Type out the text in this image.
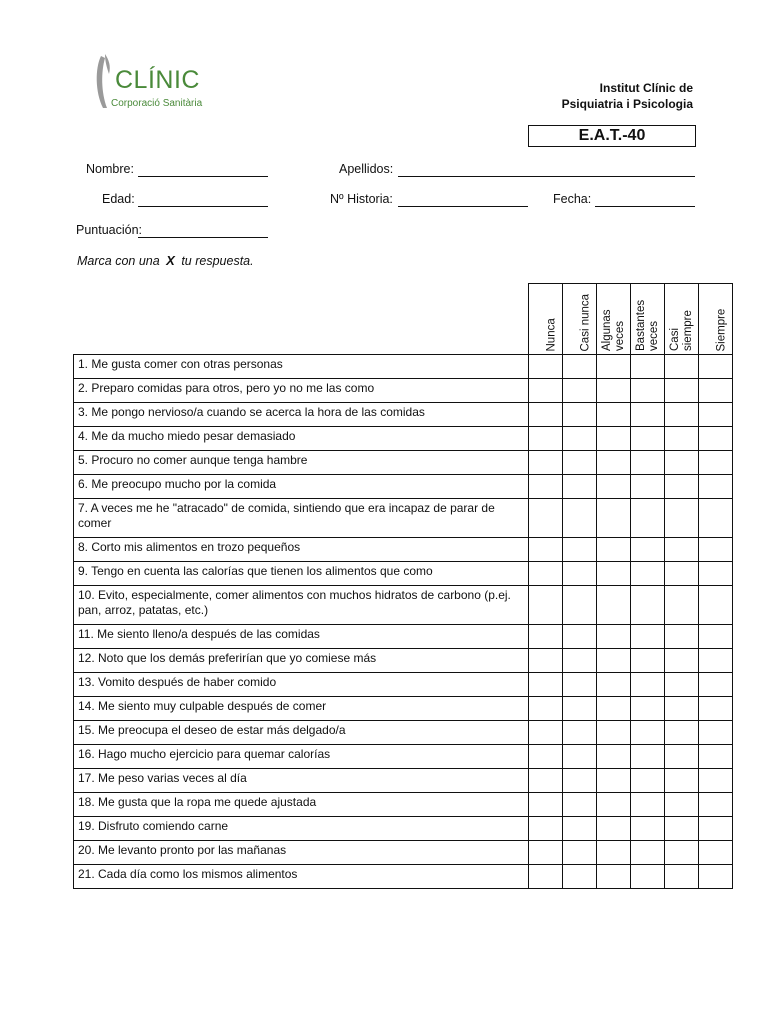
CLÍNIC
Corporació Sanitària
Institut Clínic de
Psiquiatria i Psicologia
E.A.T.-40
Nombre:	Apellidos:
Edad:	Nº Historia:	Fecha:
Puntuación:
Marca con una X tu respuesta.

	Nunca	Casi nunca	Algunas veces	Bastantes veces	Casi siempre	Siempre

1. Me gusta comer con otras personas						
2. Preparo comidas para otros, pero yo no me las como						
3. Me pongo nervioso/a cuando se acerca la hora de las comidas						
4. Me da mucho miedo pesar demasiado						
5. Procuro no comer aunque tenga hambre						
6. Me preocupo mucho por la comida						
7. A veces me he "atracado" de comida, sintiendo que era incapaz de parar de comer						
8. Corto mis alimentos en trozo pequeños						
9. Tengo en cuenta las calorías que tienen los alimentos que como						
10. Evito, especialmente, comer alimentos con muchos hidratos de carbono (p.ej. pan, arroz, patatas, etc.)						
11. Me siento lleno/a después de las comidas						
12. Noto que los demás preferirían que yo comiese más						
13. Vomito después de haber comido						
14. Me siento muy culpable después de comer						
15. Me preocupa el deseo de estar más delgado/a						
16. Hago mucho ejercicio para quemar calorías						
17. Me peso varias veces al día						
18. Me gusta que la ropa me quede ajustada						
19. Disfruto comiendo carne						
20. Me levanto pronto por las mañanas						
21. Cada día como los mismos alimentos						
